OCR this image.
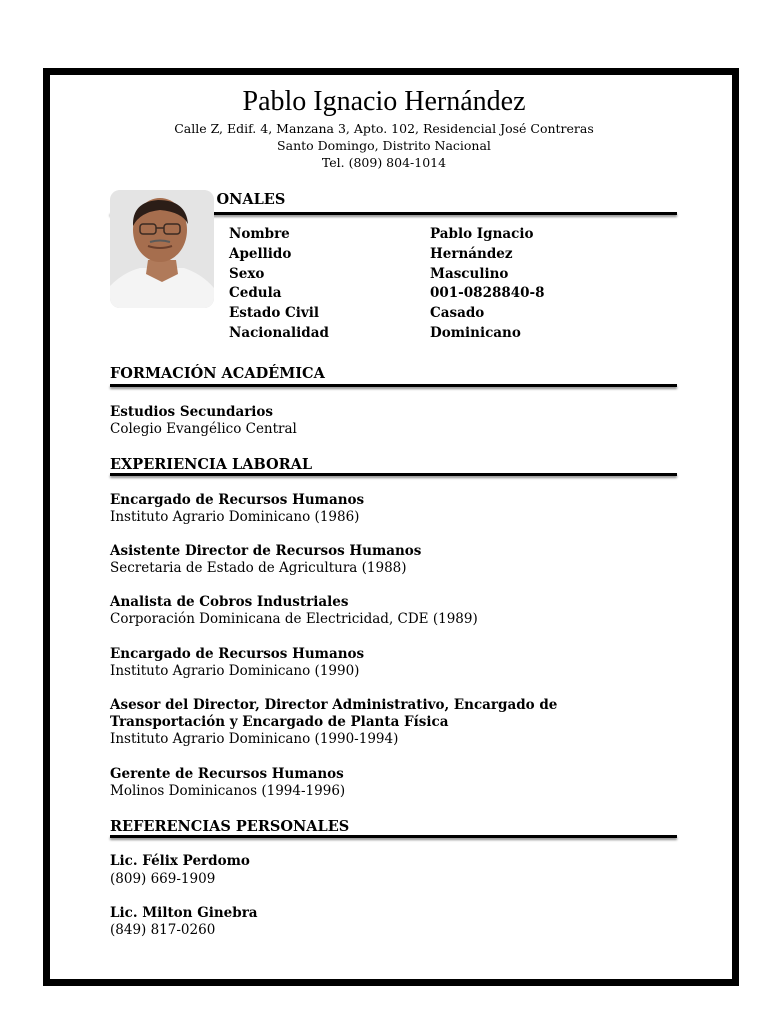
Pablo Ignacio Hernández
Calle Z, Edif. 4, Manzana 3, Apto. 102, Residencial José Contreras
Santo Domingo, Distrito Nacional
Tel. (809) 804-1014
ONALES
Nombre	Pablo Ignacio
Apellido	Hernández
Sexo	Masculino
Cedula	001-0828840-8
Estado Civil	Casado
Nacionalidad	Dominicano
FORMACIÓN ACADÉMICA
Estudios Secundarios
Colegio Evangélico Central
EXPERIENCIA LABORAL
Encargado de Recursos Humanos
Instituto Agrario Dominicano (1986)
Asistente Director de Recursos Humanos
Secretaria de Estado de Agricultura (1988)
Analista de Cobros Industriales
Corporación Dominicana de Electricidad, CDE (1989)
Encargado de Recursos Humanos
Instituto Agrario Dominicano (1990)
Asesor del Director, Director Administrativo, Encargado de Transportación y Encargado de Planta Física
Instituto Agrario Dominicano (1990-1994)
Gerente de Recursos Humanos
Molinos Dominicanos (1994-1996)
REFERENCIAS PERSONALES
Lic. Félix Perdomo
(809) 669-1909
Lic. Milton Ginebra
(849) 817-0260
